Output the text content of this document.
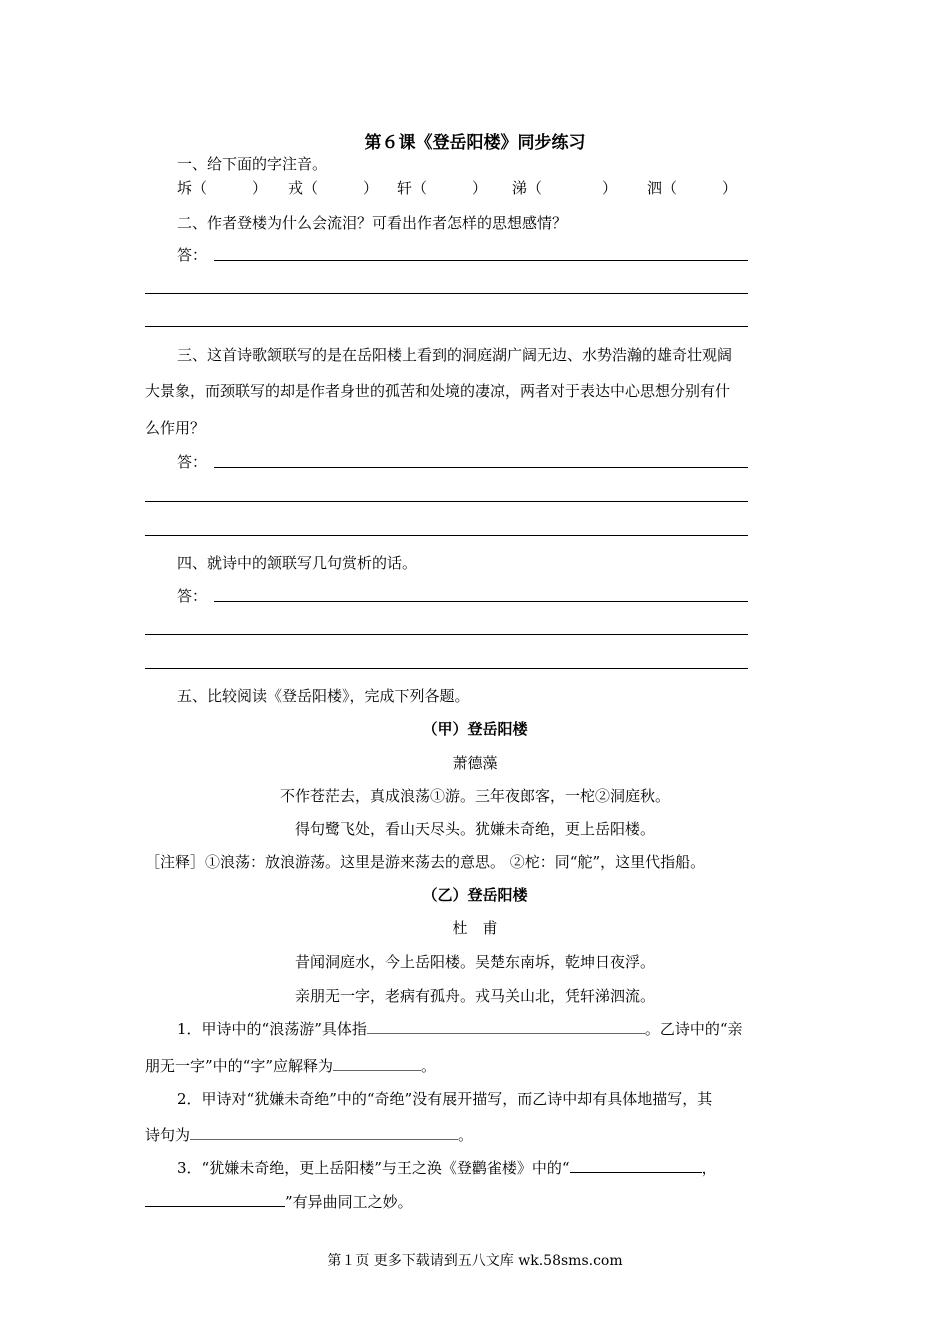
第６课《登岳阳楼》同步练习
一、给下面的字注音。
坼（　　　） 戎（　　　） 轩（　　　） 涕（　　　　） 泗（　　　）
二、作者登楼为什么会流泪？可看出作者怎样的思想感情？
答：
三、这首诗歌颔联写的是在岳阳楼上看到的洞庭湖广阔无边、水势浩瀚的雄奇壮观阔
大景象，而颈联写的却是作者身世的孤苦和处境的凄凉，两者对于表达中心思想分别有什
么作用？
答：
四、就诗中的颔联写几句赏析的话。
答：
五、比较阅读《登岳阳楼》，完成下列各题。
（甲）登岳阳楼
萧德藻
不作苍茫去，真成浪荡①游。三年夜郎客，一柁②洞庭秋。
得句鹭飞处，看山天尽头。犹嫌未奇绝，更上岳阳楼。
［注释］①浪荡：放浪游荡。这里是游来荡去的意思。 ②柁：同“舵”，这里代指船。
（乙）登岳阳楼
杜　甫
昔闻洞庭水，今上岳阳楼。吴楚东南坼，乾坤日夜浮。
亲朋无一字，老病有孤舟。戎马关山北，凭轩涕泗流。
1．甲诗中的“浪荡游”具体指	。乙诗中的“亲
朋无一字”中的“字”应解释为	。
2．甲诗对“犹嫌未奇绝”中的“奇绝”没有展开描写，而乙诗中却有具体地描写，其
诗句为	。
3．“犹嫌未奇绝，更上岳阳楼”与王之涣《登鹳雀楼》中的“	，
”有异曲同工之妙。
第１页 更多下载请到五八文库 wk.58sms.com
